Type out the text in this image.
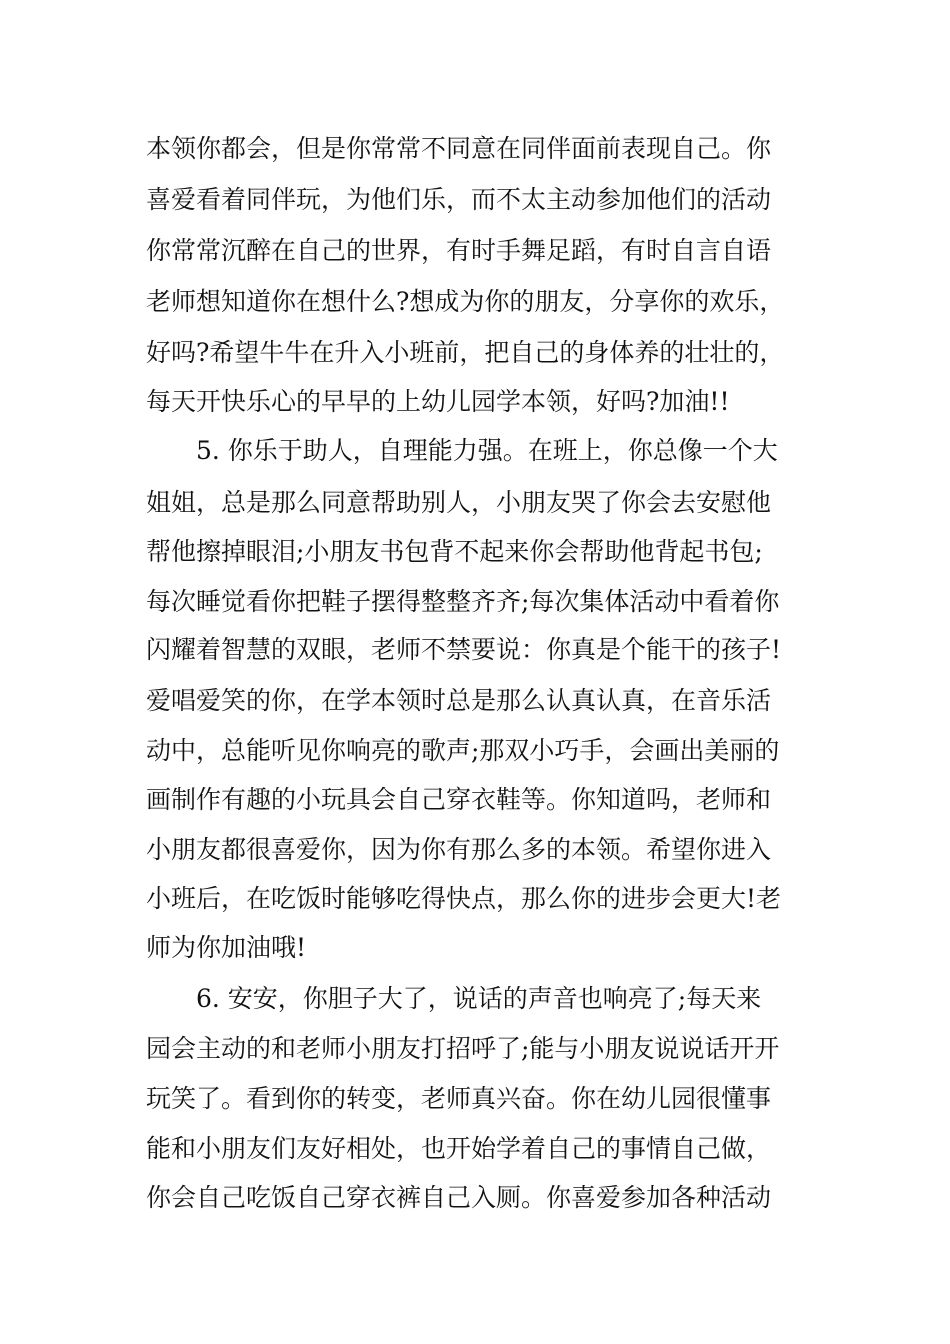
本领你都会，但是你常常不同意在同伴面前表现自己。你
喜爱看着同伴玩，为他们乐，而不太主动参加他们的活动
你常常沉醉在自己的世界，有时手舞足蹈，有时自言自语
老师想知道你在想什么?想成为你的朋友，分享你的欢乐，
好吗?希望牛牛在升入小班前，把自己的身体养的壮壮的，
每天开快乐心的早早的上幼儿园学本领，好吗?加油!!
5. 你乐于助人，自理能力强。在班上，你总像一个大
姐姐，总是那么同意帮助别人，小朋友哭了你会去安慰他
帮他擦掉眼泪;小朋友书包背不起来你会帮助他背起书包;
每次睡觉看你把鞋子摆得整整齐齐;每次集体活动中看着你
闪耀着智慧的双眼，老师不禁要说：你真是个能干的孩子!
爱唱爱笑的你，在学本领时总是那么认真认真，在音乐活
动中，总能听见你响亮的歌声;那双小巧手，会画出美丽的
画制作有趣的小玩具会自己穿衣鞋等。你知道吗，老师和
小朋友都很喜爱你，因为你有那么多的本领。希望你进入
小班后，在吃饭时能够吃得快点，那么你的进步会更大!老
师为你加油哦!
6. 安安，你胆子大了，说话的声音也响亮了;每天来
园会主动的和老师小朋友打招呼了;能与小朋友说说话开开
玩笑了。看到你的转变，老师真兴奋。你在幼儿园很懂事
能和小朋友们友好相处，也开始学着自己的事情自己做，
你会自己吃饭自己穿衣裤自己入厕。你喜爱参加各种活动
